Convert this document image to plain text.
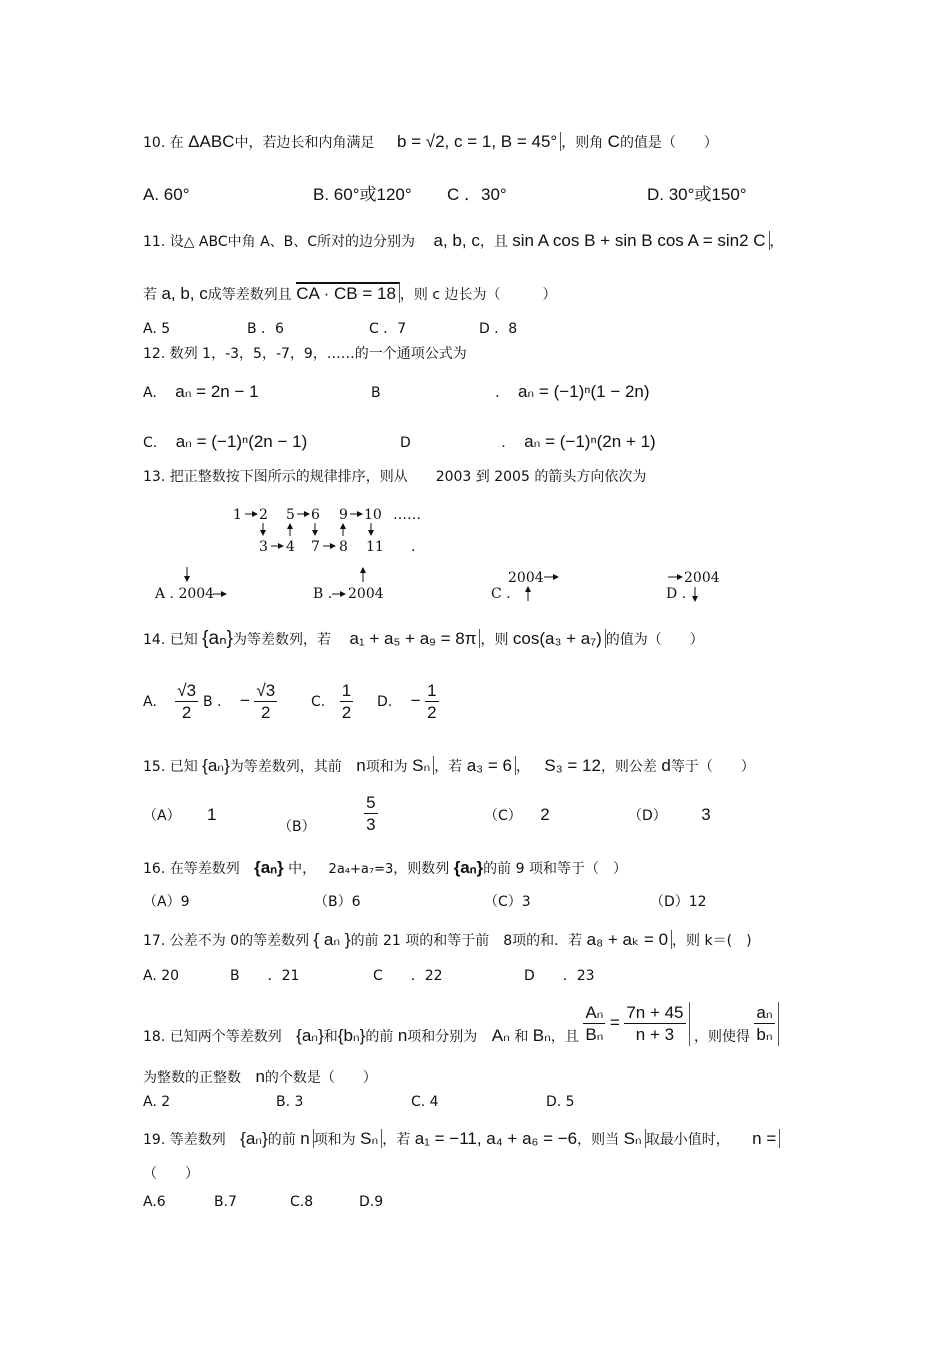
10. 在 ΔABC中，若边长和内角满足 b = √2, c = 1, B = 45° ，则角 C的值是（　　）
A. 60°	B. 60°或120° C ．30°	D. 30°或150°
11. 设△ ABC中角 A、B、C所对的边分别为 a, b, c，且 sin A cos B + sin B cos A = sin2 C ，
若 a, b, c成等差数列且 CA · CB = 18 ，则 c 边长为（　　　）
A. 5	B ．6	C ．7	D ．8
12. 数列 1，-3，5，-7，9，……的一个通项公式为
A. aₙ = 2n − 1	B	. aₙ = (−1)ⁿ(1 − 2n)
C. aₙ = (−1)ⁿ(2n − 1)	D	. aₙ = (−1)ⁿ(2n + 1)
13. 把正整数按下图所示的规律排序，则从　　2003 到 2005 的箭头方向依次为
1 2 5 6 9 10 ……
3 4 7 8 11 .
A . 2004	B . 2004
2004
C .
2004
D .
14. 已知 {aₙ}为等差数列，若 a₁ + a₅ + a₉ = 8π ，则 cos(a₃ + a₇) 的值为（　　）
A. $\frac{√3}{2}$ B . − $\frac{√3}{2} C$. $\frac{1}{2} D$. − $\frac{1}{2}$
15. 已知 {aₙ}为等差数列，其前 n项和为 Sₙ ，若 a₃ = 6 ， S₃ = 12，则公差 d等于（　　）
（A） 1
（B）	$\frac{5}{3}$	（C） 2	（D） 3
16. 在等差数列 {aₙ} 中， 2a₄+a₇=3，则数列 {aₙ}的前 9 项和等于（　）
（A）9	（B）6	（C）3	（D）12
17. 公差不为 0的等差数列 { aₙ }的前 21 项的和等于前　8项的和．若 a₈ + aₖ = 0 ，则 k＝(　)
A. 20	B　　．21	C　　．22	D　　．23
18. 已知两个等差数列 {aₙ}和{bₙ}的前 n项和分别为 Aₙ 和 Bₙ，且 $\frac{\text{Aₙ}}{\text{Bₙ}} = \frac{7n + 45}{n + 3}$ ，则使得 $\frac{\text{aₙ}}{\text{bₙ}}$
为整数的正整数 n的个数是（　　）
A. 2	B. 3	C. 4	D. 5
19. 等差数列 {aₙ}的前 n 项和为 Sₙ ，若 a₁ = −11, a₄ + a₆ = −6，则当 Sₙ 取最小值时， n =
（　　）
A.6	B.7	C.8	D.9
